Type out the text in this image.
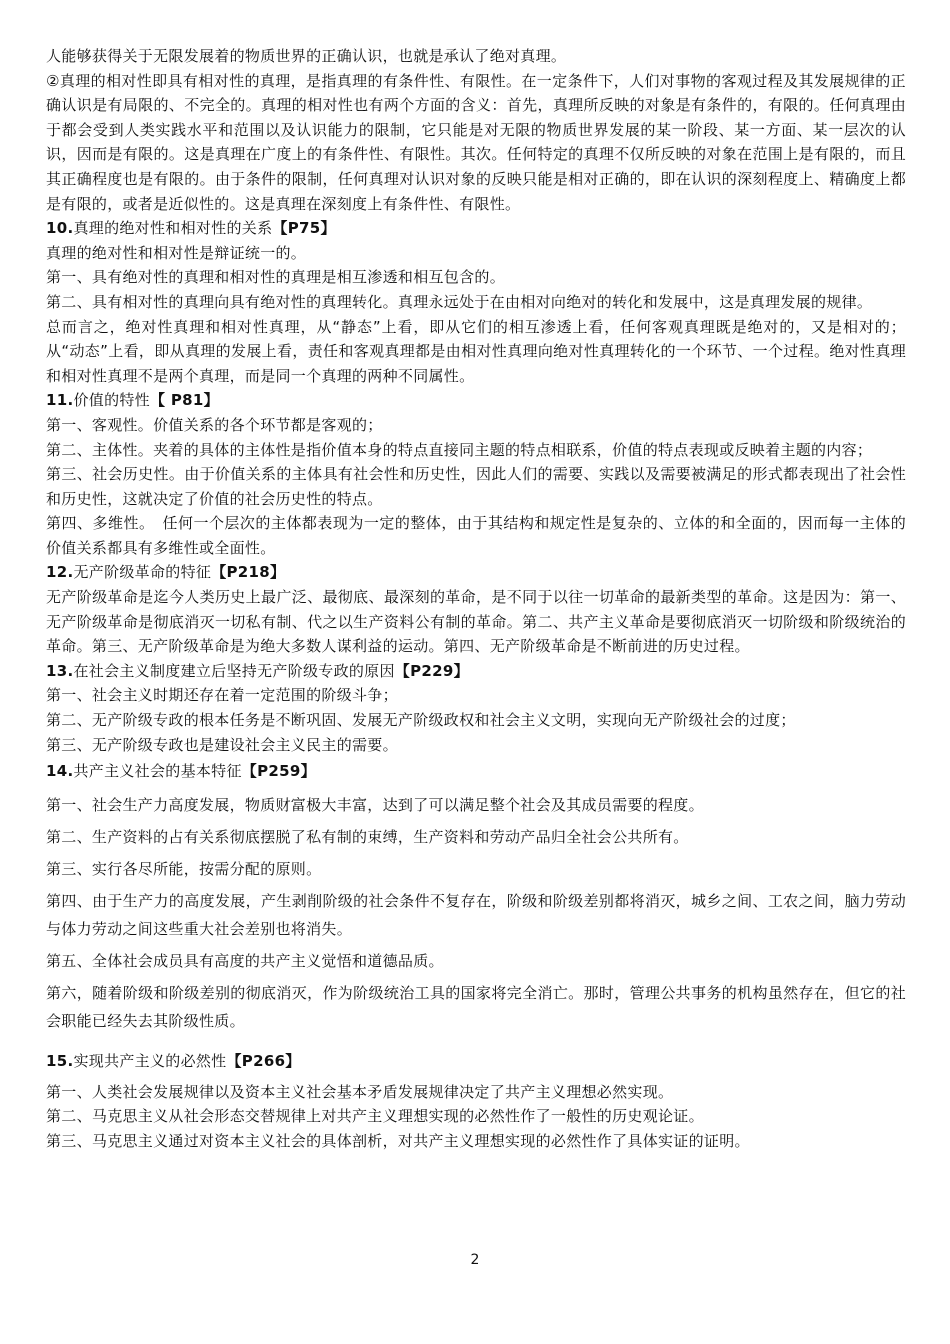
人能够获得关于无限发展着的物质世界的正确认识，也就是承认了绝对真理。

②真理的相对性即具有相对性的真理，是指真理的有条件性、有限性。在一定条件下，人们对事物的客观过程及其发展规律的正确认识是有局限的、不完全的。真理的相对性也有两个方面的含义：首先，真理所反映的对象是有条件的，有限的。任何真理由于都会受到人类实践水平和范围以及认识能力的限制，它只能是对无限的物质世界发展的某一阶段、某一方面、某一层次的认识，因而是有限的。这是真理在广度上的有条件性、有限性。其次。任何特定的真理不仅所反映的对象在范围上是有限的，而且其正确程度也是有限的。由于条件的限制，任何真理对认识对象的反映只能是相对正确的，即在认识的深刻程度上、精确度上都是有限的，或者是近似性的。这是真理在深刻度上有条件性、有限性。

10.真理的绝对性和相对性的关系【P75】

真理的绝对性和相对性是辩证统一的。

第一、具有绝对性的真理和相对性的真理是相互渗透和相互包含的。

第二、具有相对性的真理向具有绝对性的真理转化。真理永远处于在由相对向绝对的转化和发展中，这是真理发展的规律。

总而言之，绝对性真理和相对性真理，从“静态”上看，即从它们的相互渗透上看，任何客观真理既是绝对的，又是相对的；从“动态”上看，即从真理的发展上看，责任和客观真理都是由相对性真理向绝对性真理转化的一个环节、一个过程。绝对性真理和相对性真理不是两个真理，而是同一个真理的两种不同属性。

11.价值的特性【 P81】

第一、客观性。价值关系的各个环节都是客观的；

第二、主体性。夹着的具体的主体性是指价值本身的特点直接同主题的特点相联系，价值的特点表现或反映着主题的内容；

第三、社会历史性。由于价值关系的主体具有社会性和历史性，因此人们的需要、实践以及需要被满足的形式都表现出了社会性和历史性，这就决定了价值的社会历史性的特点。

第四、多维性。　任何一个层次的主体都表现为一定的整体，由于其结构和规定性是复杂的、立体的和全面的，因而每一主体的价值关系都具有多维性或全面性。

12.无产阶级革命的特征【P218】

无产阶级革命是迄今人类历史上最广泛、最彻底、最深刻的革命，是不同于以往一切革命的最新类型的革命。这是因为：第一、无产阶级革命是彻底消灭一切私有制、代之以生产资料公有制的革命。第二、共产主义革命是要彻底消灭一切阶级和阶级统治的革命。第三、无产阶级革命是为绝大多数人谋利益的运动。第四、无产阶级革命是不断前进的历史过程。

13.在社会主义制度建立后坚持无产阶级专政的原因【P229】

第一、社会主义时期还存在着一定范围的阶级斗争；

第二、无产阶级专政的根本任务是不断巩固、发展无产阶级政权和社会主义文明，实现向无产阶级社会的过度；

第三、无产阶级专政也是建设社会主义民主的需要。

14.共产主义社会的基本特征【P259】

第一、社会生产力高度发展，物质财富极大丰富，达到了可以满足整个社会及其成员需要的程度。

第二、生产资料的占有关系彻底摆脱了私有制的束缚，生产资料和劳动产品归全社会公共所有。

第三、实行各尽所能，按需分配的原则。

第四、由于生产力的高度发展，产生剥削阶级的社会条件不复存在，阶级和阶级差别都将消灭，城乡之间、工农之间，脑力劳动与体力劳动之间这些重大社会差别也将消失。

第五、全体社会成员具有高度的共产主义觉悟和道德品质。

第六，随着阶级和阶级差别的彻底消灭，作为阶级统治工具的国家将完全消亡。那时，管理公共事务的机构虽然存在，但它的社会职能已经失去其阶级性质。

15.实现共产主义的必然性【P266】

第一、人类社会发展规律以及资本主义社会基本矛盾发展规律决定了共产主义理想必然实现。

第二、马克思主义从社会形态交替规律上对共产主义理想实现的必然性作了一般性的历史观论证。

第三、马克思主义通过对资本主义社会的具体剖析，对共产主义理想实现的必然性作了具体实证的证明。

2
